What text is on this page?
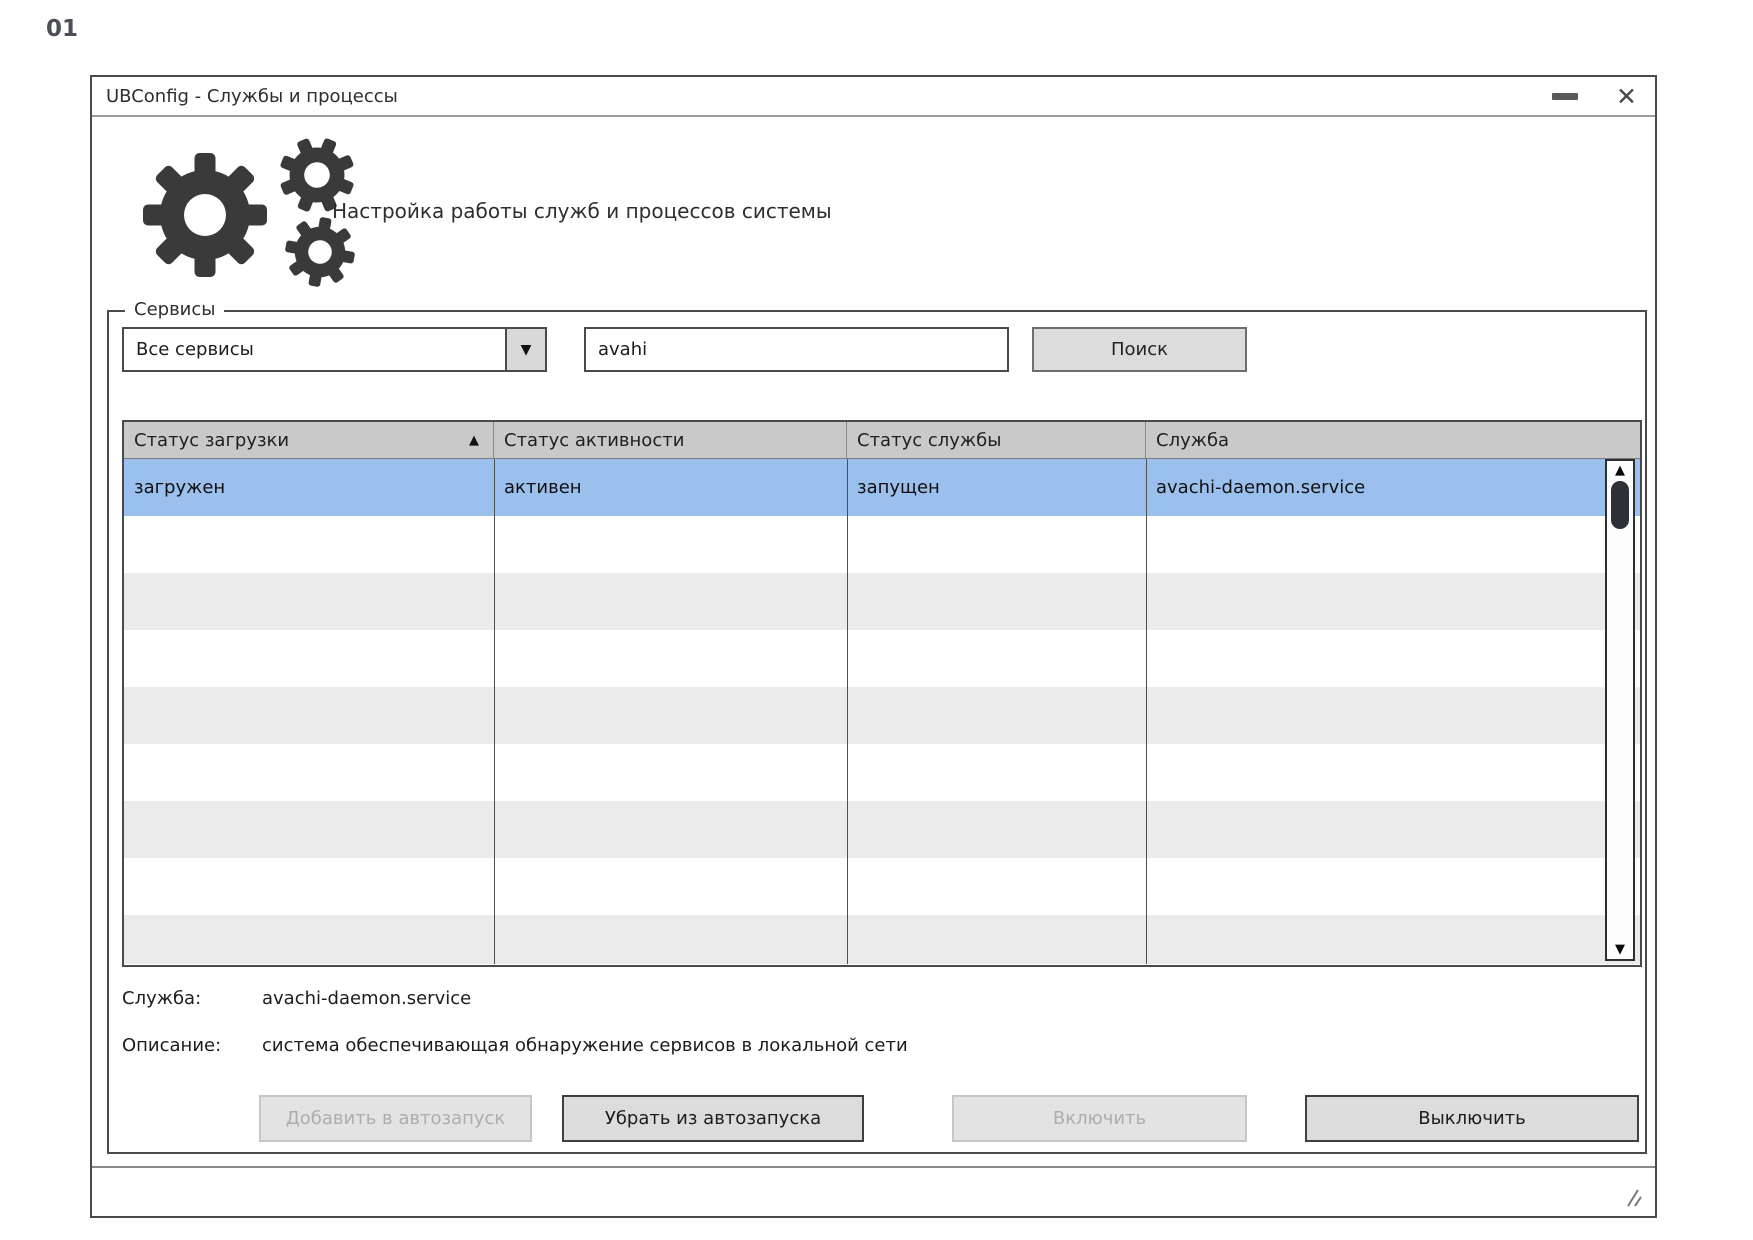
01
UBConfig - Службы и процессы	✕
Настройка работы служб и процессов системы
Сервисы
Все сервисы	▼
avahi	Поиск
Статус загрузки	▲ Статус активности	Статус службы	Служба
загружен	активен	запущен	avachi-daemon.service
▲
▼
Служба:	avachi-daemon.service
Описание: система обеспечивающая обнаружение сервисов в локальной сети
Добавить в автозапуск	Убрать из автозапуска	Включить	Выключить
